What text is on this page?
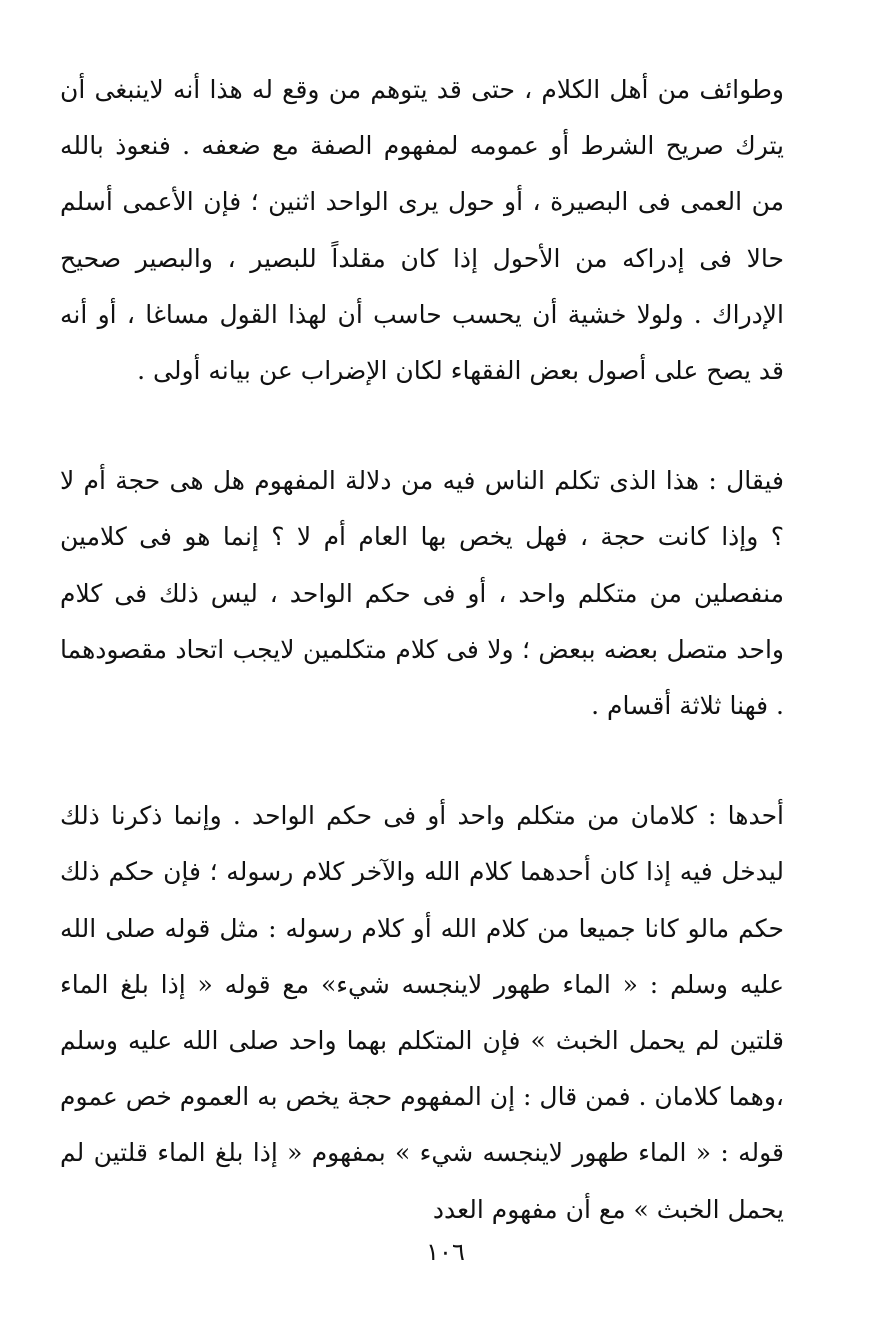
وطوائف من أهل الكلام ، حتى قد يتوهم من وقع له هذا أنه لاينبغى أن يترك صريح الشرط أو عمومه لمفهوم الصفة مع ضعفه . فنعوذ بالله من العمى فى البصيرة ، أو حول يرى الواحد اثنين ؛ فإن الأعمى أسلم حالا فى إدراكه من الأحول إذا كان مقلداً للبصير ، والبصير صحيح الإدراك . ولولا خشية أن يحسب حاسب أن لهذا القول مساغا ، أو أنه قد يصح على أصول بعض الفقهاء لكان الإضراب عن بيانه أولى .

فيقال : هذا الذى تكلم الناس فيه من دلالة المفهوم هل هى حجة أم لا ؟ وإذا كانت حجة ، فهل يخص بها العام أم لا ؟ إنما هو فى كلامين منفصلين من متكلم واحد ، أو فى حكم الواحد ، ليس ذلك فى كلام واحد متصل بعضه ببعض ؛ ولا فى كلام متكلمين لايجب اتحاد مقصودهما . فهنا ثلاثة أقسام .

أحدها : كلامان من متكلم واحد أو فى حكم الواحد . وإنما ذكرنا ذلك ليدخل فيه إذا كان أحدهما كلام الله والآخر كلام رسوله ؛ فإن حكم ذلك حكم مالو كانا جميعا من كلام الله أو كلام رسوله : مثل قوله صلى الله عليه وسلم : « الماء طهور لاينجسه شيء» مع قوله « إذا بلغ الماء قلتين لم يحمل الخبث » فإن المتكلم بهما واحد صلى الله عليه وسلم ،وهما كلامان . فمن قال : إن المفهوم حجة يخص به العموم خص عموم قوله : « الماء طهور لاينجسه شيء » بمفهوم « إذا بلغ الماء قلتين لم يحمل الخبث » مع أن مفهوم العدد

١٠٦
